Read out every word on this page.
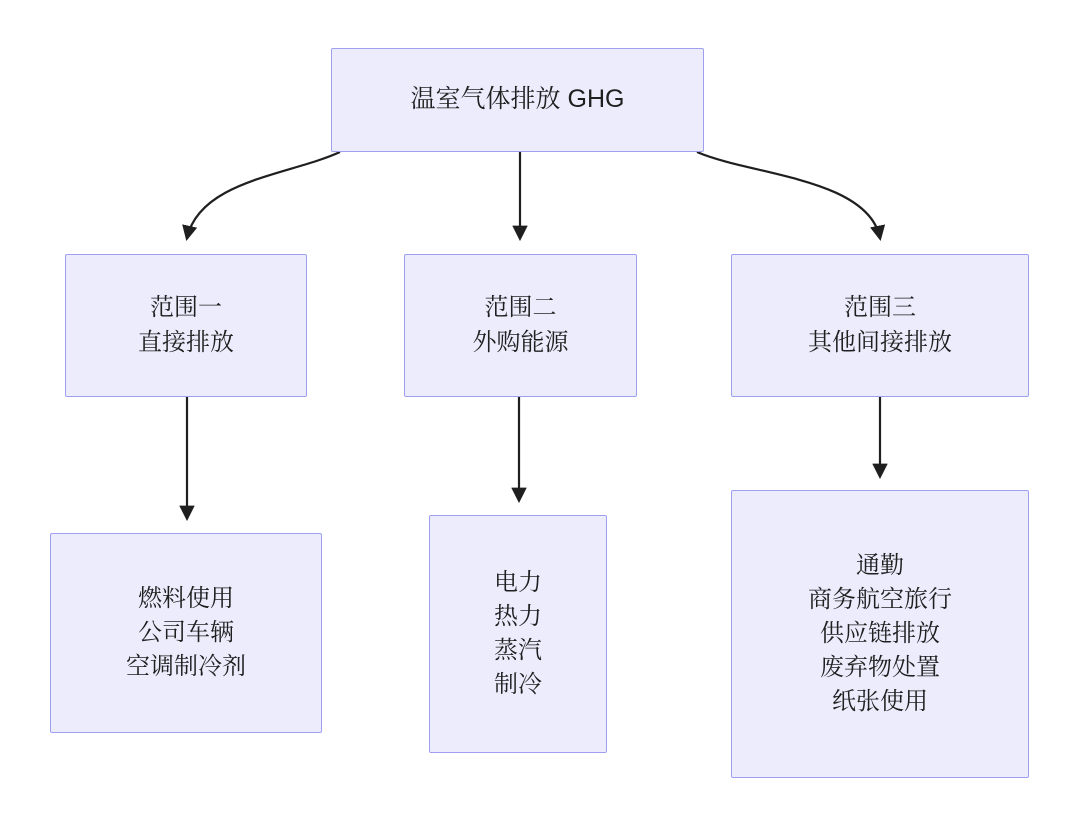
温室气体排放 GHG
范围一
直接排放
范围二
外购能源
范围三
其他间接排放
燃料使用
公司车辆
空调制冷剂
电力
热力
蒸汽
制冷
通勤
商务航空旅行
供应链排放
废弃物处置
纸张使用
